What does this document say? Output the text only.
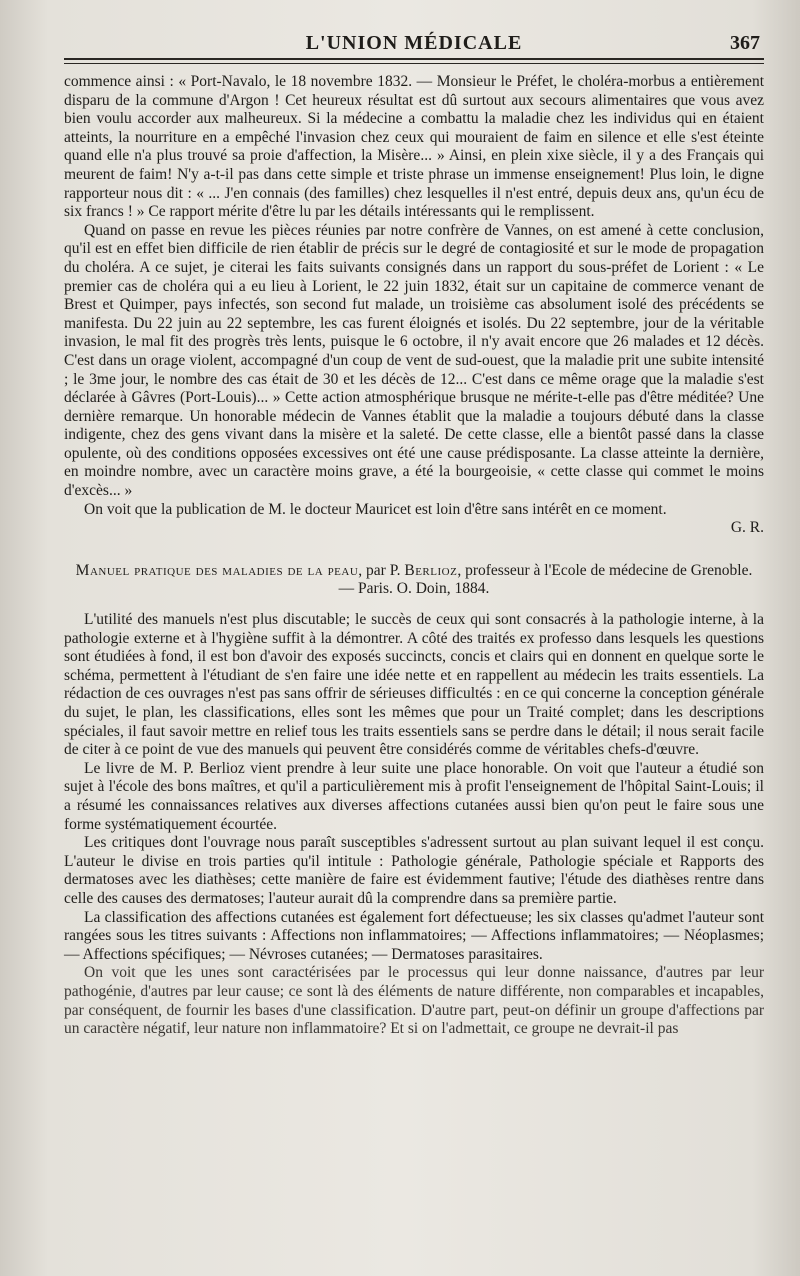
L'UNION MÉDICALE	367

commence ainsi : « Port-Navalo, le 18 novembre 1832. — Monsieur le Préfet, le choléra-morbus a entièrement disparu de la commune d'Argon ! Cet heureux résultat est dû surtout aux secours alimentaires que vous avez bien voulu accorder aux malheureux. Si la médecine a combattu la maladie chez les individus qui en étaient atteints, la nourriture en a empêché l'invasion chez ceux qui mouraient de faim en silence et elle s'est éteinte quand elle n'a plus trouvé sa proie d'affection, la Misère... » Ainsi, en plein xixe siècle, il y a des Français qui meurent de faim! N'y a-t-il pas dans cette simple et triste phrase un immense enseignement! Plus loin, le digne rapporteur nous dit : « ... J'en connais (des familles) chez lesquelles il n'est entré, depuis deux ans, qu'un écu de six francs ! » Ce rapport mérite d'être lu par les détails intéressants qui le remplissent.

Quand on passe en revue les pièces réunies par notre confrère de Vannes, on est amené à cette conclusion, qu'il est en effet bien difficile de rien établir de précis sur le degré de contagiosité et sur le mode de propagation du choléra. A ce sujet, je citerai les faits suivants consignés dans un rapport du sous-préfet de Lorient : « Le premier cas de choléra qui a eu lieu à Lorient, le 22 juin 1832, était sur un capitaine de commerce venant de Brest et Quimper, pays infectés, son second fut malade, un troisième cas absolument isolé des précédents se manifesta. Du 22 juin au 22 septembre, les cas furent éloignés et isolés. Du 22 septembre, jour de la véritable invasion, le mal fit des progrès très lents, puisque le 6 octobre, il n'y avait encore que 26 malades et 12 décès. C'est dans un orage violent, accompagné d'un coup de vent de sud-ouest, que la maladie prit une subite intensité ; le 3me jour, le nombre des cas était de 30 et les décès de 12... C'est dans ce même orage que la maladie s'est déclarée à Gâvres (Port-Louis)... » Cette action atmosphérique brusque ne mérite-t-elle pas d'être méditée? Une dernière remarque. Un honorable médecin de Vannes établit que la maladie a toujours débuté dans la classe indigente, chez des gens vivant dans la misère et la saleté. De cette classe, elle a bientôt passé dans la classe opulente, où des conditions opposées excessives ont été une cause prédisposante. La classe atteinte la dernière, en moindre nombre, avec un caractère moins grave, a été la bourgeoisie, « cette classe qui commet le moins d'excès... »

On voit que la publication de M. le docteur Mauricet est loin d'être sans intérêt en ce moment.

G. R.
Manuel pratique des maladies de la peau, par P. Berlioz, professeur à l'Ecole de médecine de Grenoble. — Paris. O. Doin, 1884.

L'utilité des manuels n'est plus discutable; le succès de ceux qui sont consacrés à la pathologie interne, à la pathologie externe et à l'hygiène suffit à la démontrer. A côté des traités ex professo dans lesquels les questions sont étudiées à fond, il est bon d'avoir des exposés succincts, concis et clairs qui en donnent en quelque sorte le schéma, permettent à l'étudiant de s'en faire une idée nette et en rappellent au médecin les traits essentiels. La rédaction de ces ouvrages n'est pas sans offrir de sérieuses difficultés : en ce qui concerne la conception générale du sujet, le plan, les classifications, elles sont les mêmes que pour un Traité complet; dans les descriptions spéciales, il faut savoir mettre en relief tous les traits essentiels sans se perdre dans le détail; il nous serait facile de citer à ce point de vue des manuels qui peuvent être considérés comme de véritables chefs-d'œuvre.

Le livre de M. P. Berlioz vient prendre à leur suite une place honorable. On voit que l'auteur a étudié son sujet à l'école des bons maîtres, et qu'il a particulièrement mis à profit l'enseignement de l'hôpital Saint-Louis; il a résumé les connaissances relatives aux diverses affections cutanées aussi bien qu'on peut le faire sous une forme systématiquement écourtée.

Les critiques dont l'ouvrage nous paraît susceptibles s'adressent surtout au plan suivant lequel il est conçu. L'auteur le divise en trois parties qu'il intitule : Pathologie générale, Pathologie spéciale et Rapports des dermatoses avec les diathèses; cette manière de faire est évidemment fautive; l'étude des diathèses rentre dans celle des causes des dermatoses; l'auteur aurait dû la comprendre dans sa première partie.

La classification des affections cutanées est également fort défectueuse; les six classes qu'admet l'auteur sont rangées sous les titres suivants : Affections non inflammatoires; — Affections inflammatoires; — Néoplasmes; — Affections spécifiques; — Névroses cutanées; — Dermatoses parasitaires.

On voit que les unes sont caractérisées par le processus qui leur donne naissance, d'autres par leur pathogénie, d'autres par leur cause; ce sont là des éléments de nature différente, non comparables et incapables, par conséquent, de fournir les bases d'une classification. D'autre part, peut-on définir un groupe d'affections par un caractère négatif, leur nature non inflammatoire? Et si on l'admettait, ce groupe ne devrait-il pas
